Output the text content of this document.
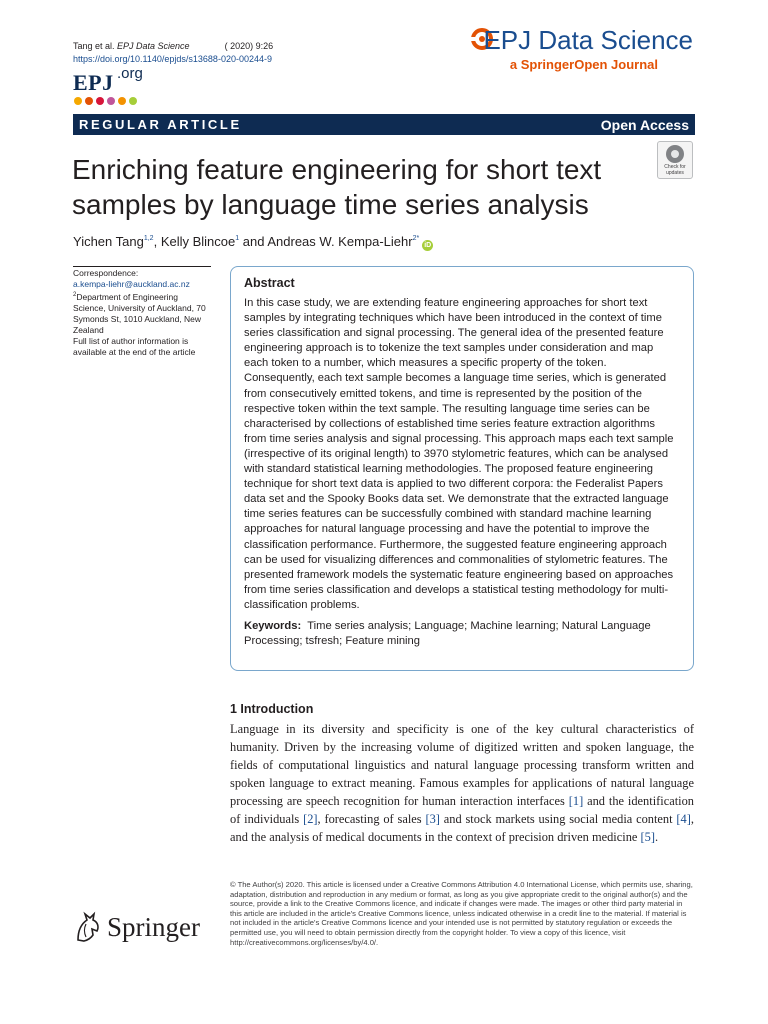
Tang et al. EPJ Data Science	( 2020) 9:26
https://doi.org/10.1140/epjds/s13688-020-00244-9
EPJ .org
EPJ Data Science
a SpringerOpen Journal
REGULAR ARTICLE	Open Access
Check for
updates
Enriching feature engineering for short text samples by language time series analysis
Yichen Tang$^{1,2}$, Kelly Blincoe$^1$ and Andreas W. Kempa-Liehr$^{2*}$iD
Correspondence:
a.kempa-liehr@auckland.ac.nz
$^2$Department of Engineering Science, University of Auckland, 70 Symonds St, 1010 Auckland, New Zealand
Full list of author information is available at the end of the article
Abstract
In this case study, we are extending feature engineering approaches for short text samples by integrating techniques which have been introduced in the context of time series classification and signal processing. The general idea of the presented feature engineering approach is to tokenize the text samples under consideration and map each token to a number, which measures a specific property of the token. Consequently, each text sample becomes a language time series, which is generated from consecutively emitted tokens, and time is represented by the position of the respective token within the text sample. The resulting language time series can be characterised by collections of established time series feature extraction algorithms from time series analysis and signal processing. This approach maps each text sample (irrespective of its original length) to 3970 stylometric features, which can be analysed with standard statistical learning methodologies. The proposed feature engineering technique for short text data is applied to two different corpora: the Federalist Papers data set and the Spooky Books data set. We demonstrate that the extracted language time series features can be successfully combined with standard machine learning approaches for natural language processing and have the potential to improve the classification performance. Furthermore, the suggested feature engineering approach can be used for visualizing differences and commonalities of stylometric features. The presented framework models the systematic feature engineering based on approaches from time series classification and develops a statistical testing methodology for multi-classification problems.
Keywords: Time series analysis; Language; Machine learning; Natural Language Processing; tsfresh; Feature mining
1 Introduction
Language in its diversity and specificity is one of the key cultural characteristics of humanity. Driven by the increasing volume of digitized written and spoken language, the fields of computational linguistics and natural language processing transform written and spoken language to extract meaning. Famous examples for applications of natural language processing are speech recognition for human interaction interfaces [1] and the identification of individuals [2], forecasting of sales [3] and stock markets using social media content [4], and the analysis of medical documents in the context of precision driven medicine [5].
Springer
© The Author(s) 2020. This article is licensed under a Creative Commons Attribution 4.0 International License, which permits use, sharing, adaptation, distribution and reproduction in any medium or format, as long as you give appropriate credit to the original author(s) and the source, provide a link to the Creative Commons licence, and indicate if changes were made. The images or other third party material in this article are included in the article's Creative Commons licence, unless indicated otherwise in a credit line to the material. If material is not included in the article's Creative Commons licence and your intended use is not permitted by statutory regulation or exceeds the permitted use, you will need to obtain permission directly from the copyright holder. To view a copy of this licence, visit http://creativecommons.org/licenses/by/4.0/.
